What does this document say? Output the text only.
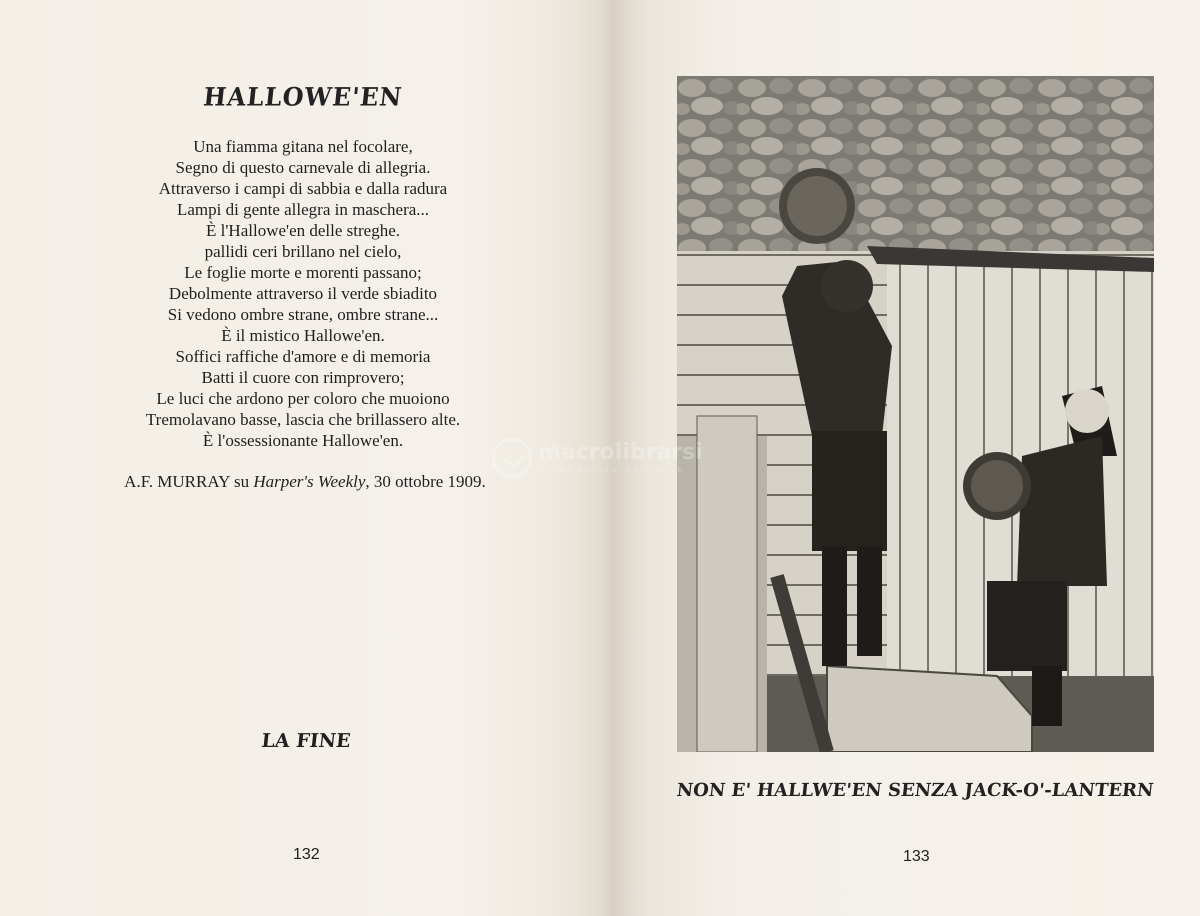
HALLOWE'EN
Una fiamma gitana nel focolare,
Segno di questo carnevale di allegria.
Attraverso i campi di sabbia e dalla radura
Lampi di gente allegra in maschera...
È l'Hallowe'en delle streghe.
pallidi ceri brillano nel cielo,
Le foglie morte e morenti passano;
Debolmente attraverso il verde sbiadito
Si vedono ombre strane, ombre strane...
È il mistico Hallowe'en.
Soffici raffiche d'amore e di memoria
Batti il cuore con rimprovero;
Le luci che ardono per coloro che muoiono
Tremolavano basse, lascia che brillassero alte.
È l'ossessionante Hallowe'en.
A.F. MURRAY su Harper's Weekly, 30 ottobre 1909.
LA FINE
132
NON E' HALLWE'EN SENZA JACK-O'-LANTERN
133
macrolibrarsi
ALTERNATIVA NATURALE
